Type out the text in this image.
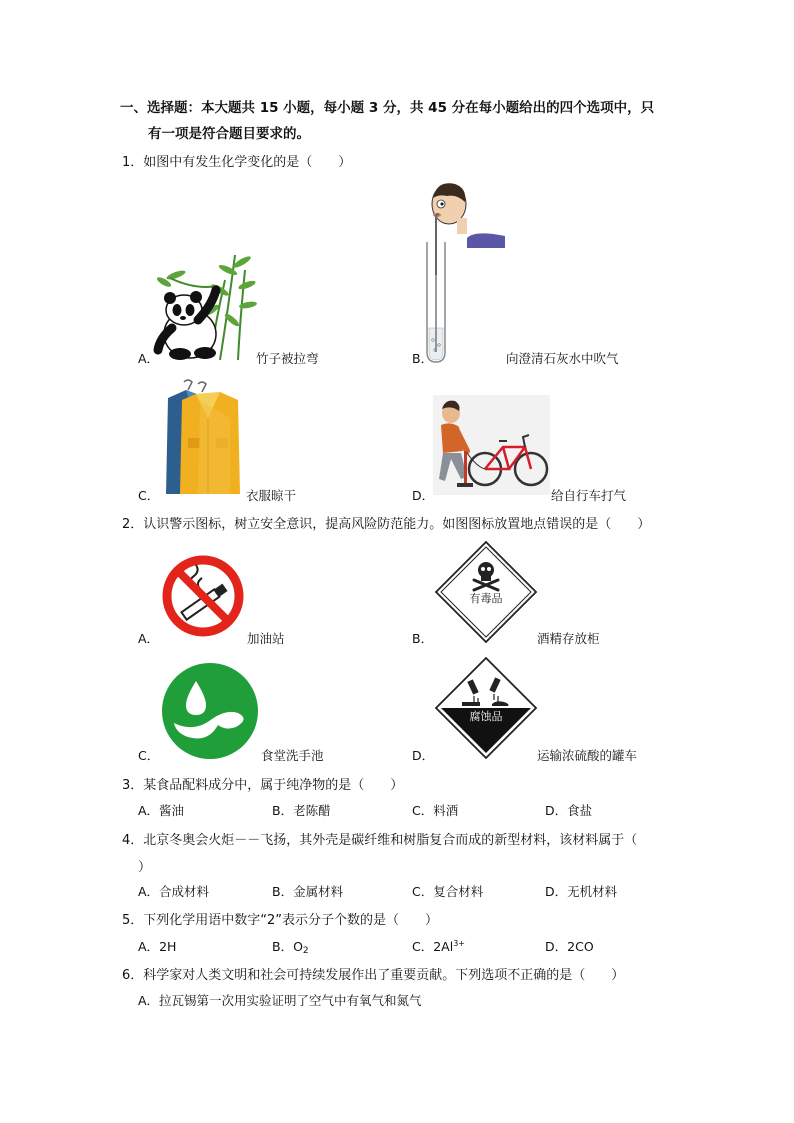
一、选择题：本大题共 15 小题，每小题 3 分，共 45 分在每小题给出的四个选项中，只
有一项是符合题目要求的。
1．如图中有发生化学变化的是（　　）
A．	竹子被拉弯	B．	向澄清石灰水中吹气
C．	衣服晾干	D．	给自行车打气
2．认识警示图标，树立安全意识，提高风险防范能力。如图图标放置地点错误的是（　　）
A．	加油站
有毒品
B．	酒精存放柜
C．	食堂洗手池
腐蚀品
D．	运输浓硫酸的罐车
3．某食品配料成分中，属于纯净物的是（　　）
A．酱油	B．老陈醋	C．料酒	D．食盐
4．北京冬奥会火炬－－飞扬，其外壳是碳纤维和树脂复合而成的新型材料，该材料属于（
）
A．合成材料	B．金属材料	C．复合材料	D．无机材料
5．下列化学用语中数字“2”表示分子个数的是（　　）
A．2H	B．$O_2$	C．$2Al^{3+}$	D．2CO
6．科学家对人类文明和社会可持续发展作出了重要贡献。下列选项不正确的是（　　）
A．拉瓦锡第一次用实验证明了空气中有氧气和氮气
